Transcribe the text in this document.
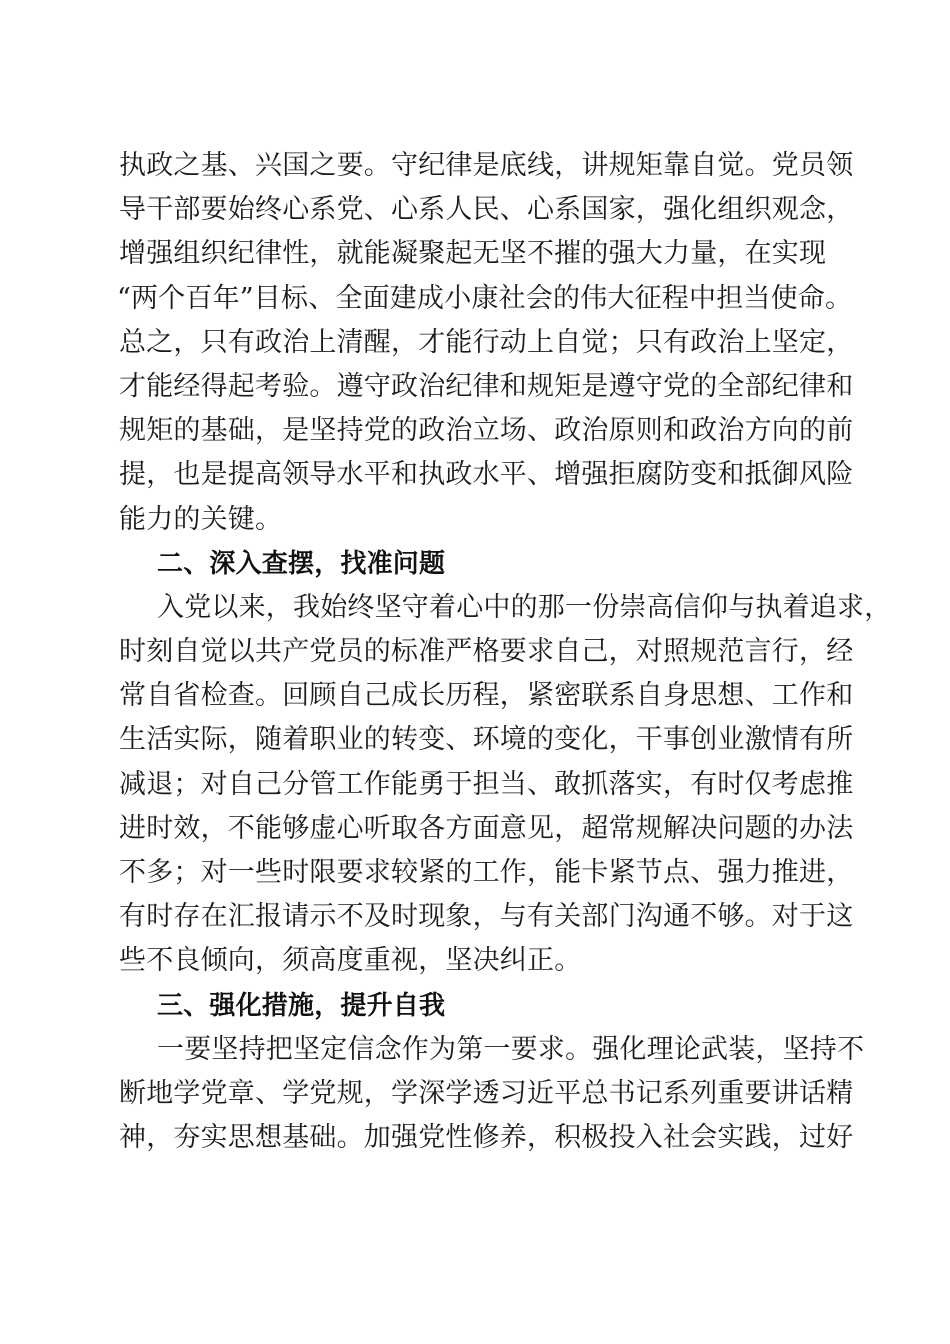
执政之基、兴国之要。守纪律是底线，讲规矩靠自觉。党员领
导干部要始终心系党、心系人民、心系国家，强化组织观念，
增强组织纪律性，就能凝聚起无坚不摧的强大力量，在实现
“两个百年”目标、全面建成小康社会的伟大征程中担当使命。
总之，只有政治上清醒，才能行动上自觉；只有政治上坚定，
才能经得起考验。遵守政治纪律和规矩是遵守党的全部纪律和
规矩的基础，是坚持党的政治立场、政治原则和政治方向的前
提，也是提高领导水平和执政水平、增强拒腐防变和抵御风险
能力的关键。
二、深入查摆，找准问题
入党以来，我始终坚守着心中的那一份崇高信仰与执着追求，
时刻自觉以共产党员的标准严格要求自己，对照规范言行，经
常自省检查。回顾自己成长历程，紧密联系自身思想、工作和
生活实际，随着职业的转变、环境的变化，干事创业激情有所
减退；对自己分管工作能勇于担当、敢抓落实，有时仅考虑推
进时效，不能够虚心听取各方面意见，超常规解决问题的办法
不多；对一些时限要求较紧的工作，能卡紧节点、强力推进，
有时存在汇报请示不及时现象，与有关部门沟通不够。对于这
些不良倾向，须高度重视，坚决纠正。
三、强化措施，提升自我
一要坚持把坚定信念作为第一要求。强化理论武装，坚持不
断地学党章、学党规，学深学透习近平总书记系列重要讲话精
神，夯实思想基础。加强党性修养，积极投入社会实践，过好
